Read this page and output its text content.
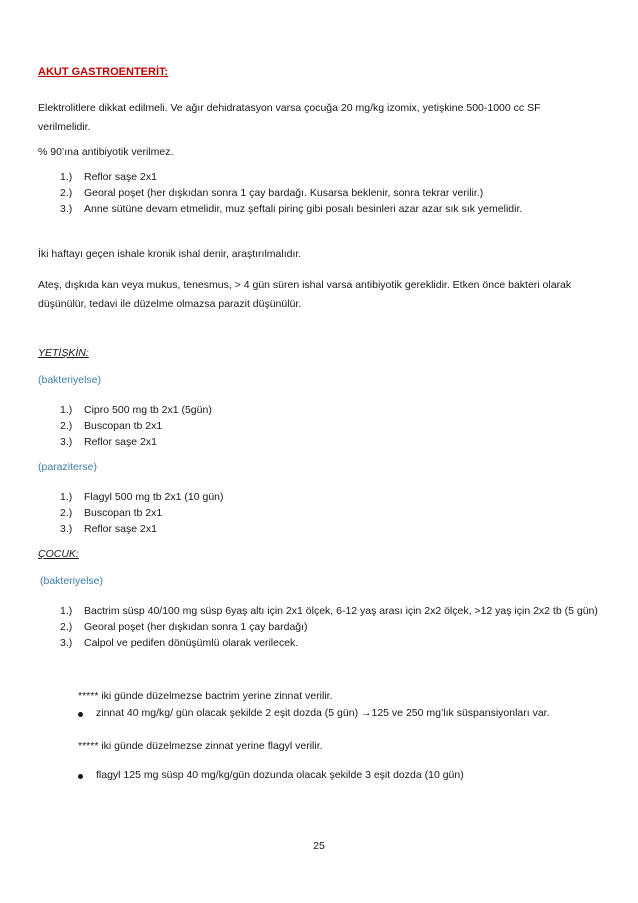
AKUT GASTROENTERİT:
Elektrolitlere dikkat edilmeli. Ve ağır dehidratasyon varsa çocuğa 20 mg/kg izomix, yetişkine 500-1000 cc SF verilmelidir.
% 90’ına antibiyotik verilmez.
1.) Reflor saşe 2x1
2.) Georal poşet (her dışkıdan sonra 1 çay bardağı. Kusarsa beklenir, sonra tekrar verilir.)
3.) Anne sütüne devam etmelidir, muz şeftali pirinç gibi posalı besinleri azar azar sık sık yemelidir.
İki haftayı geçen ishale kronik ishal denir, araştırılmalıdır.
Ateş, dışkıda kan veya mukus, tenesmus, > 4 gün süren ishal varsa antibiyotik gereklidir. Etken önce bakteri olarak düşünülür, tedavi ile düzelme olmazsa parazit düşünülür.
YETİŞKİN:
(bakteriyelse)
1.) Cipro 500 mg tb 2x1 (5gün)
2.) Buscopan tb 2x1
3.) Reflor saşe 2x1
(paraziterse)
1.) Flagyl 500 mg tb 2x1 (10 gün)
2.) Buscopan tb 2x1
3.) Reflor saşe 2x1
ÇOCUK:
(bakteriyelse)
1.) Bactrim süsp 40/100 mg süsp 6yaş altı için 2x1 ölçek, 6-12 yaş arası için 2x2 ölçek, >12 yaş için 2x2 tb (5 gün)
2.) Georal poşet (her dışkıdan sonra 1 çay bardağı)
3.) Calpol ve pedifen dönüşümlü olarak verilecek.
***** iki günde düzelmezse bactrim yerine zinnat verilir.
zinnat 40 mg/kg/ gün olacak şekilde 2 eşit dozda (5 gün) →125 ve 250 mg’lık süspansiyonları var.
***** iki günde düzelmezse zinnat yerine flagyl verilir.
flagyl 125 mg süsp 40 mg/kg/gün dozunda olacak şekilde 3 eşit dozda (10 gün)
25
